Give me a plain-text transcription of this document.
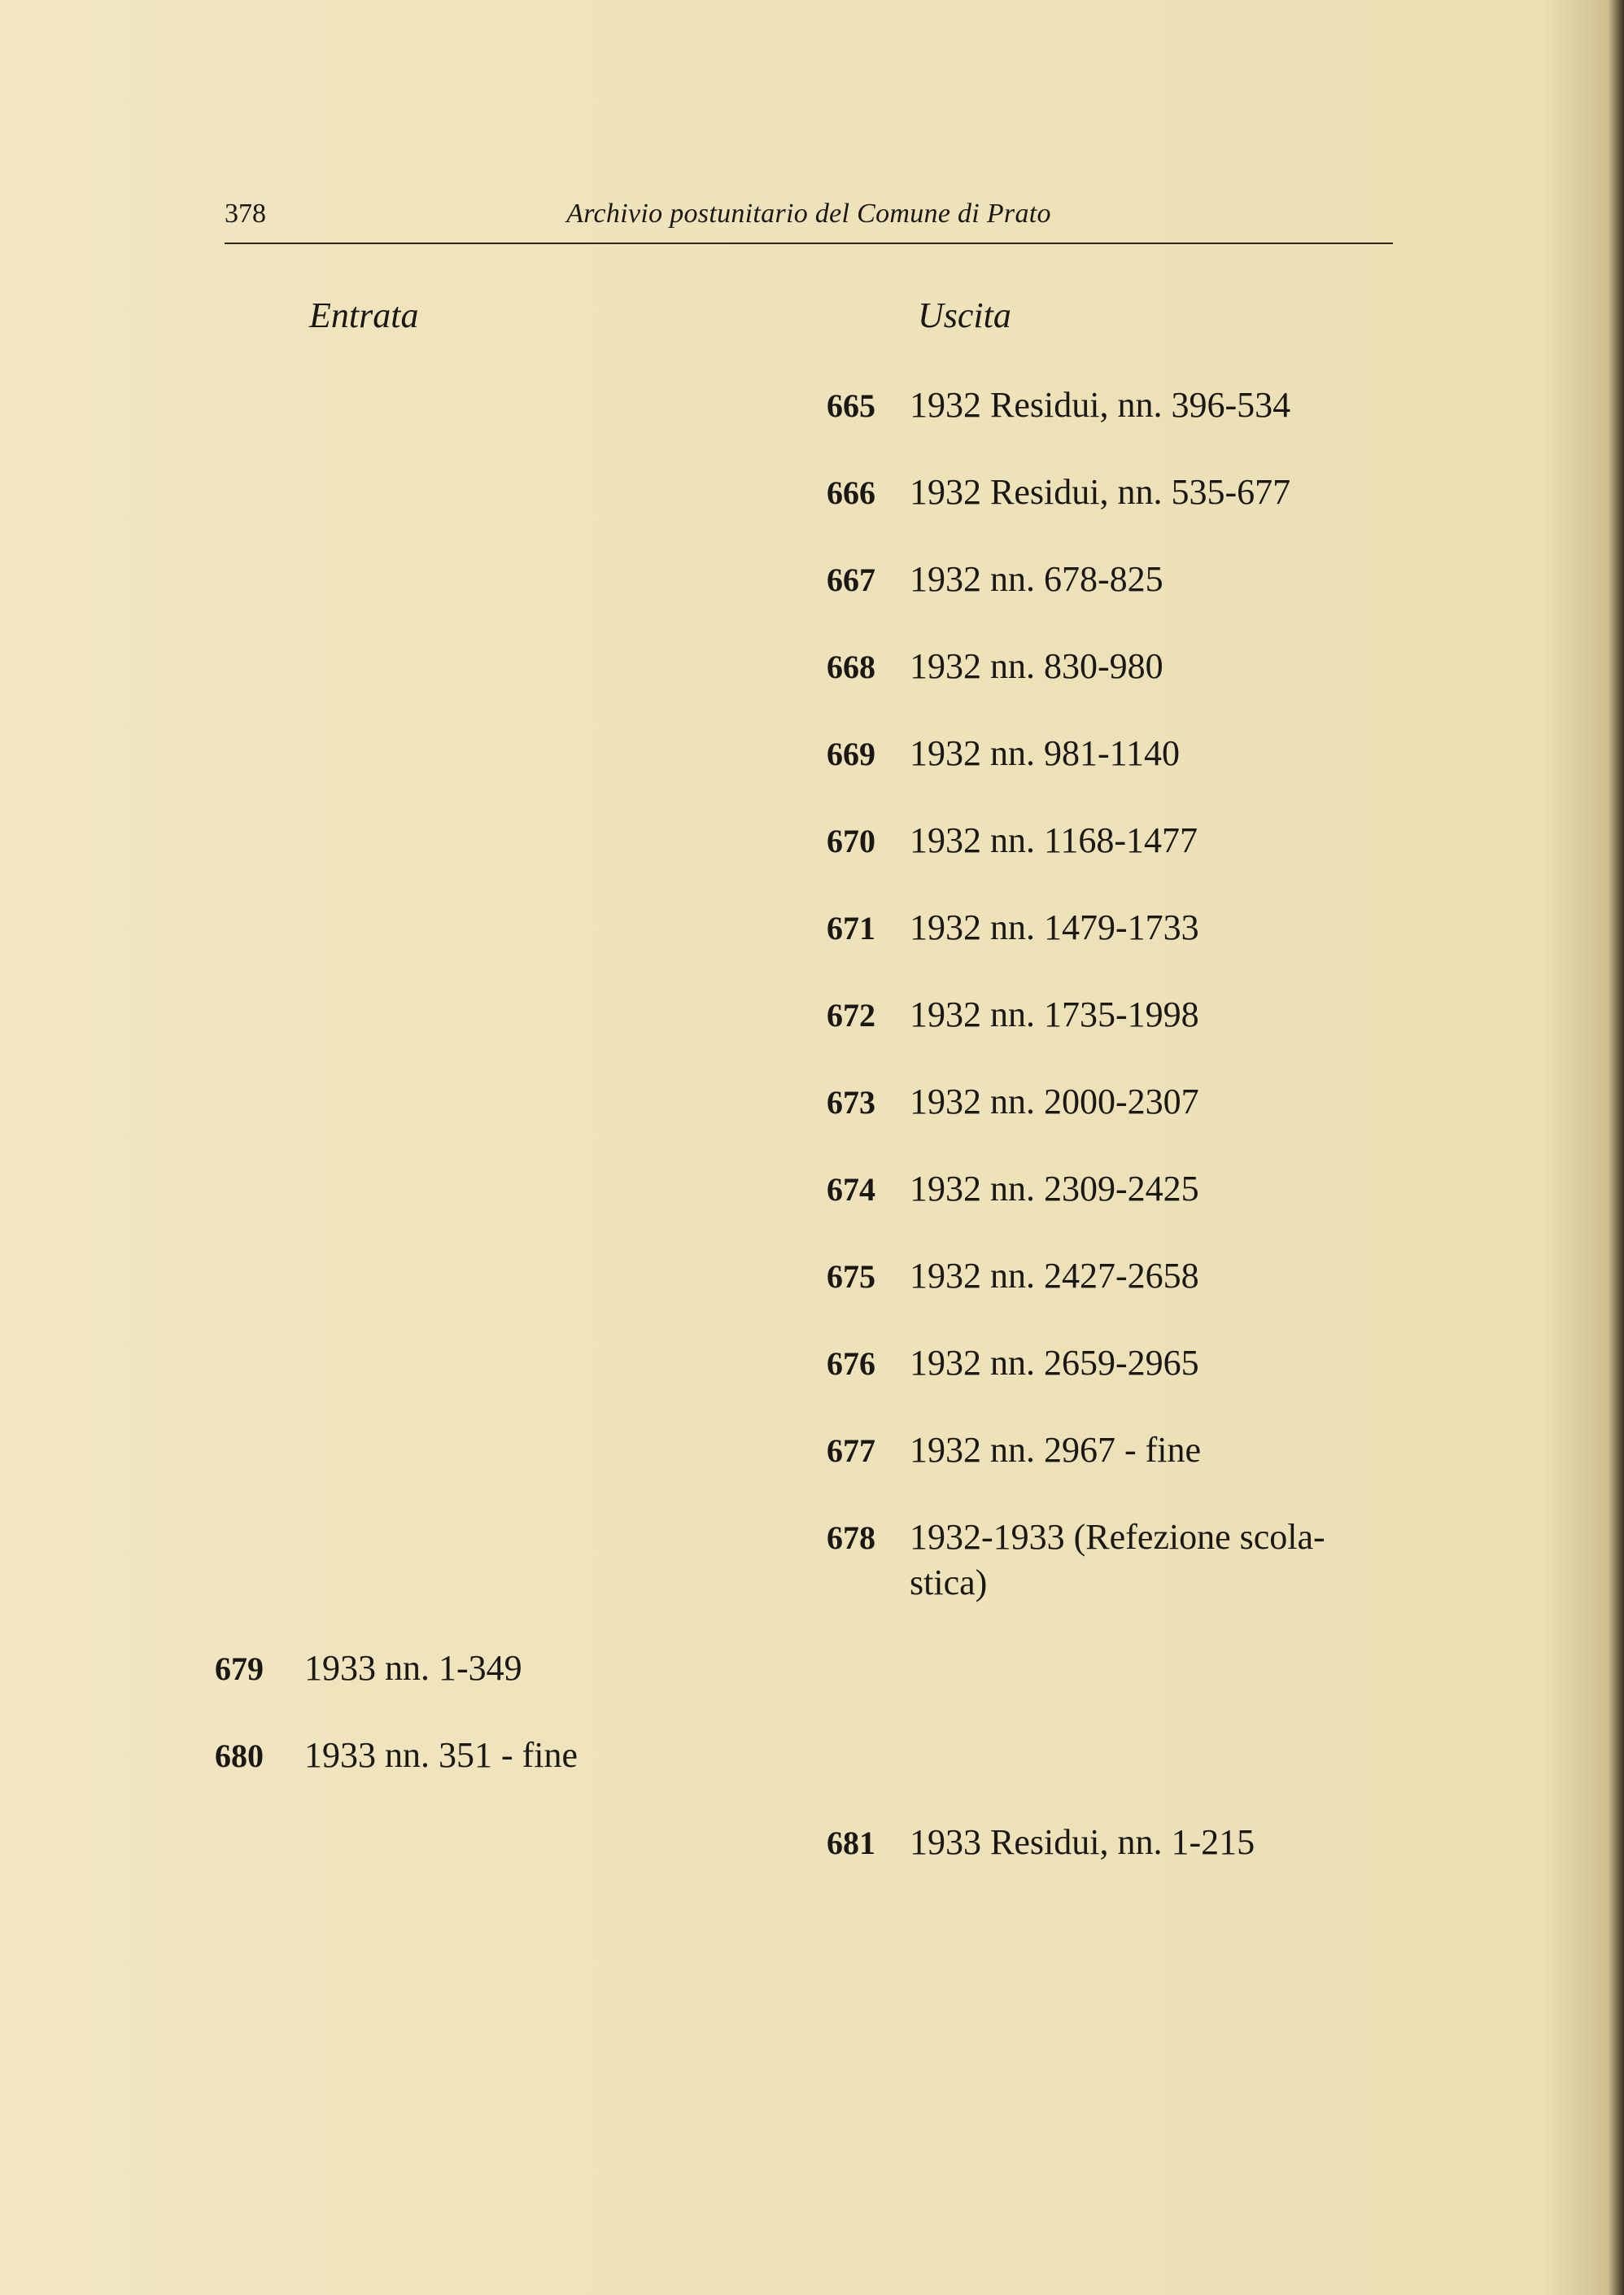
378	Archivio postunitario del Comune di Prato

Entrata	Uscita
665 1932 Residui, nn. 396-534
666 1932 Residui, nn. 535-677
667 1932 nn. 678-825
668 1932 nn. 830-980
669 1932 nn. 981-1140
670 1932 nn. 1168-1477
671 1932 nn. 1479-1733
672 1932 nn. 1735-1998
673 1932 nn. 2000-2307
674 1932 nn. 2309-2425
675 1932 nn. 2427-2658
676 1932 nn. 2659-2965
677 1932 nn. 2967 - fine
678 1932-1933 (Refezione scola-stica)
681 1933 Residui, nn. 1-215
679 1933 nn. 1-349
680 1933 nn. 351 - fine
